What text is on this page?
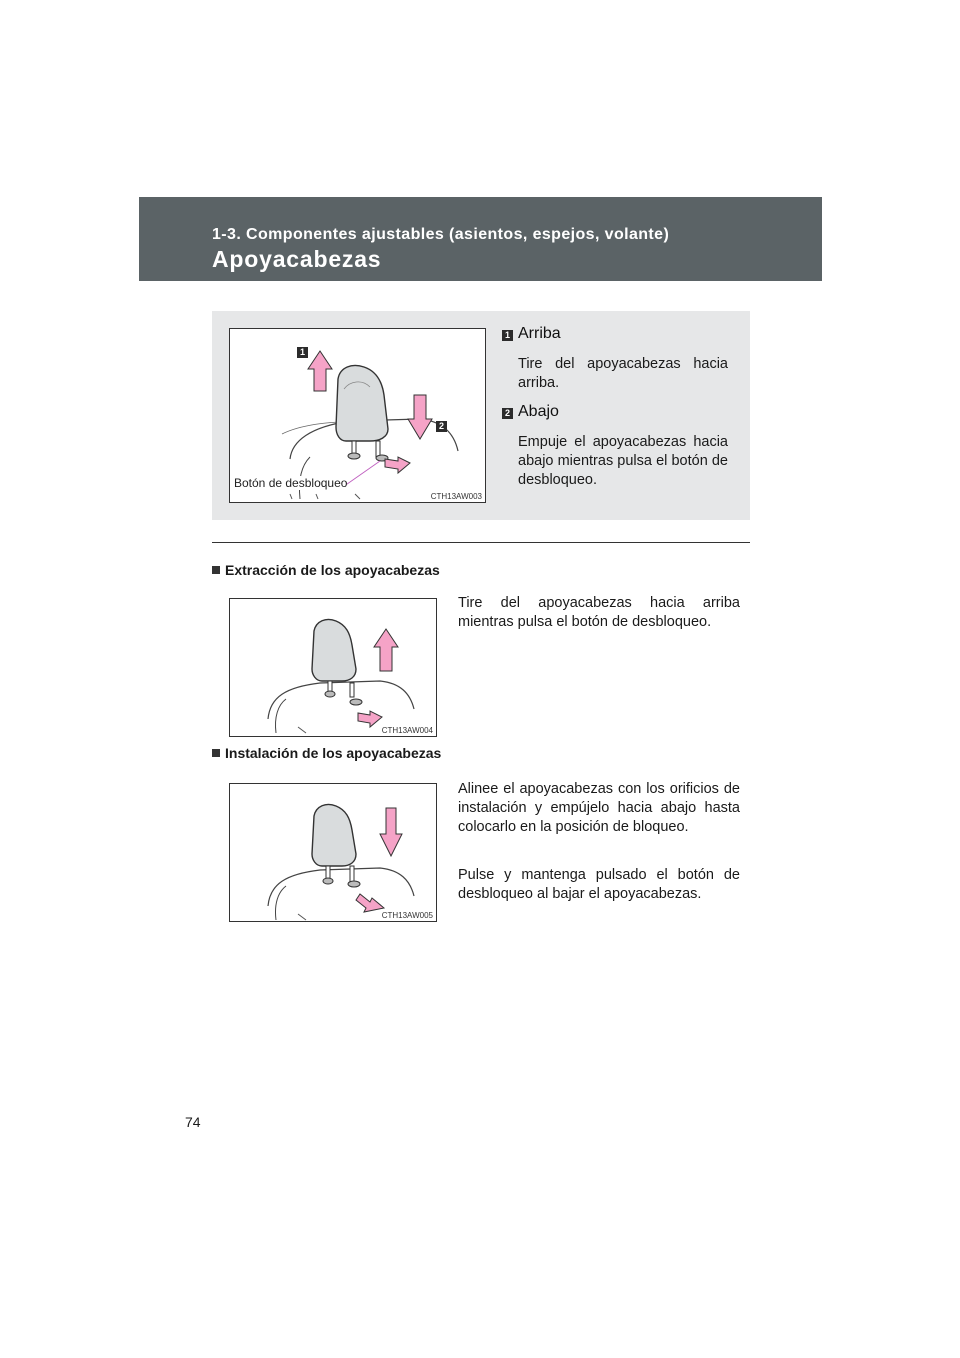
1-3. Componentes ajustables (asientos, espejos, volante)
Apoyacabezas
1
2
Botón de desbloqueo
CTH13AW003
1 Arriba
Tire del apoyacabezas hacia arriba.
2 Abajo
Empuje el apoyacabezas hacia abajo mientras pulsa el botón de desbloqueo.
Extracción de los apoyacabezas
CTH13AW004
Tire del apoyacabezas hacia arriba mientras pulsa el botón de desbloqueo.
Instalación de los apoyacabezas
CTH13AW005
Alinee el apoyacabezas con los orificios de instalación y empújelo hacia abajo hasta colocarlo en la posición de bloqueo.
Pulse y mantenga pulsado el botón de desbloqueo al bajar el apoyacabezas.
74
